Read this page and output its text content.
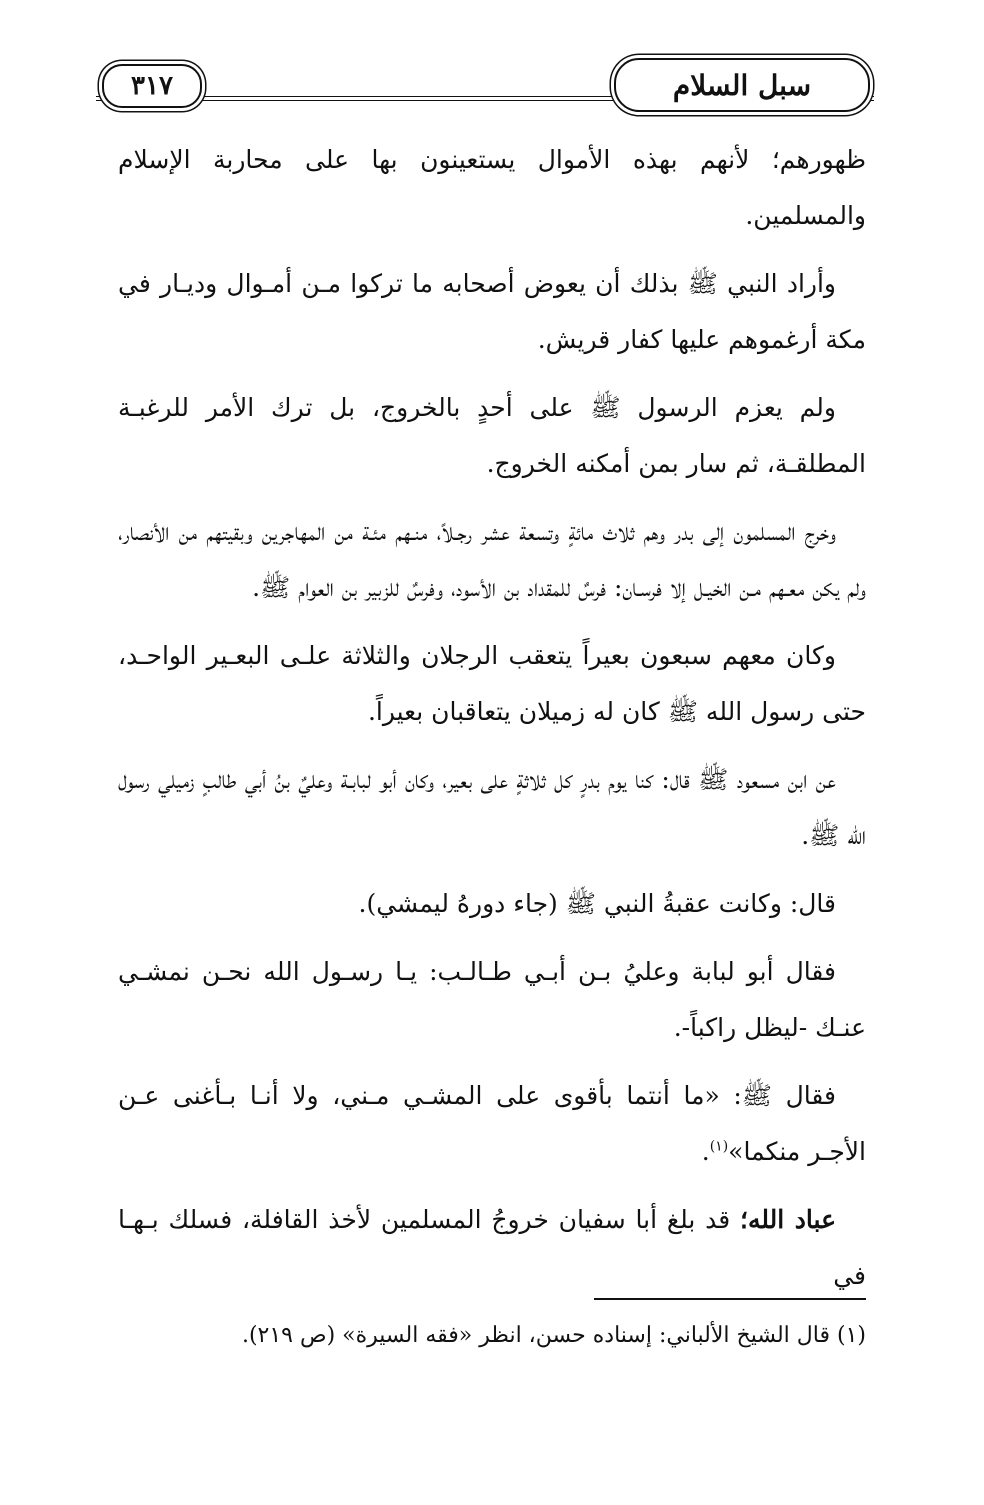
٣١٧	سبل السلام

ظهورهم؛ لأنهم بهذه الأموال يستعينون بها على محاربة الإسلام والمسلمين.

وأراد النبي ﷺ بذلك أن يعوض أصحابه ما تركوا مـن أمـوال وديـار في مكة أرغموهم عليها كفار قريش.

ولم يعزم الرسول ﷺ على أحدٍ بالخروج، بل ترك الأمر للرغبـة المطلقـة، ثم سار بمن أمكنه الخروج.

وخرج المسلمون إلى بدر وهم ثلاث مائةٍ وتسعة عشر رجـلاً، منـهم مئـة من المهاجرين وبقيتهم من الأنصار، ولم يكن معـهم مـن الخيـل إلا فرسـان: فرسٌ للمقداد بن الأسود، وفرسٌ للزبير بن العوام ﷺ.

وكان معهم سبعون بعيراً يتعقب الرجلان والثلاثة علـى البعـير الواحـد، حتى رسول الله ﷺ كان له زميلان يتعاقبان بعيراً.

عن ابن مسعود ﷺ قال: كنا يوم بدرٍ كل ثلاثةٍ على بعير، وكان أبو لبابـة وعليٌ بنُ أبي طالبٍ زميلي رسول الله ﷺ.

قال: وكانت عقبةُ النبي ﷺ (جاء دورهُ ليمشي).

فقال أبو لبابة وعليُ بـن أبـي طـالـب: يـا رسـول الله نحـن نمشـي عنـك -ليظل راكباً-.

فقال ﷺ: «ما أنتما بأقوى على المشـي مـني، ولا أنـا بـأغنى عـن الأجـر منكما»$^{(١)}$.

عباد الله؛ قد بلغ أبا سفيان خروجُ المسلمين لأخذ القافلة، فسلك بـهـا في

(١) قال الشيخ الألباني: إسناده حسن، انظر «فقه السيرة» (ص ٢١٩).
